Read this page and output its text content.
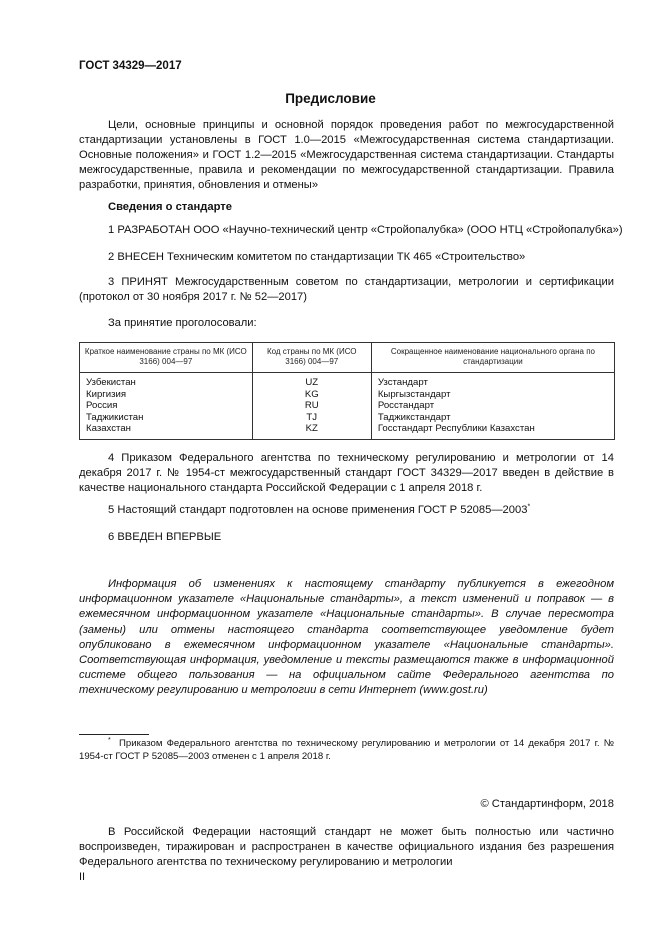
ГОСТ 34329—2017
Предисловие

Цели, основные принципы и основной порядок проведения работ по межгосударственной стандартизации установлены в ГОСТ 1.0—2015 «Межгосударственная система стандартизации. Основные положения» и ГОСТ 1.2—2015 «Межгосударственная система стандартизации. Стандарты межгосударственные, правила и рекомендации по межгосударственной стандартизации. Правила разработки, принятия, обновления и отмены»

Сведения о стандарте
1 РАЗРАБОТАН ООО «Научно-технический центр «Стройопалубка» (ООО НТЦ «Стройопалубка»)
2 ВНЕСЕН Техническим комитетом по стандартизации ТК 465 «Строительство»

3 ПРИНЯТ Межгосударственным советом по стандартизации, метрологии и сертификации (протокол от 30 ноября 2017 г. № 52—2017)

За принятие проголосовали:
Краткое наименование страны по МК (ИСО 3166) 004—97	Код страны по МК (ИСО 3166) 004—97	Сокращенное наименование национального органа по стандартизации
Узбекистан	UZ	Узстандарт
Киргизия	KG	Кыргызстандарт
Россия	RU	Росстандарт
Таджикистан	TJ	Таджикстандарт
Казахстан	KZ	Госстандарт Республики Казахстан

4 Приказом Федерального агентства по техническому регулированию и метрологии от 14 декабря 2017 г. № 1954-ст межгосударственный стандарт ГОСТ 34329—2017 введен в действие в качестве национального стандарта Российской Федерации с 1 апреля 2018 г.

5 Настоящий стандарт подготовлен на основе применения ГОСТ Р 52085—2003*
6 ВВЕДЕН ВПЕРВЫЕ

Информация об изменениях к настоящему стандарту публикуется в ежегодном информационном указателе «Национальные стандарты», а текст изменений и поправок — в ежемесячном информационном указателе «Национальные стандарты». В случае пересмотра (замены) или отмены настоящего стандарта соответствующее уведомление будет опубликовано в ежемесячном информационном указателе «Национальные стандарты». Соответствующая информация, уведомление и тексты размещаются также в информационной системе общего пользования — на официальном сайте Федерального агентства по техническому регулированию и метрологии в сети Интернет (www.gost.ru)

* Приказом Федерального агентства по техническому регулированию и метрологии от 14 декабря 2017 г. № 1954-ст ГОСТ Р 52085—2003 отменен с 1 апреля 2018 г.

© Стандартинформ, 2018

В Российской Федерации настоящий стандарт не может быть полностью или частично воспроизведен, тиражирован и распространен в качестве официального издания без разрешения Федерального агентства по техническому регулированию и метрологии

II
